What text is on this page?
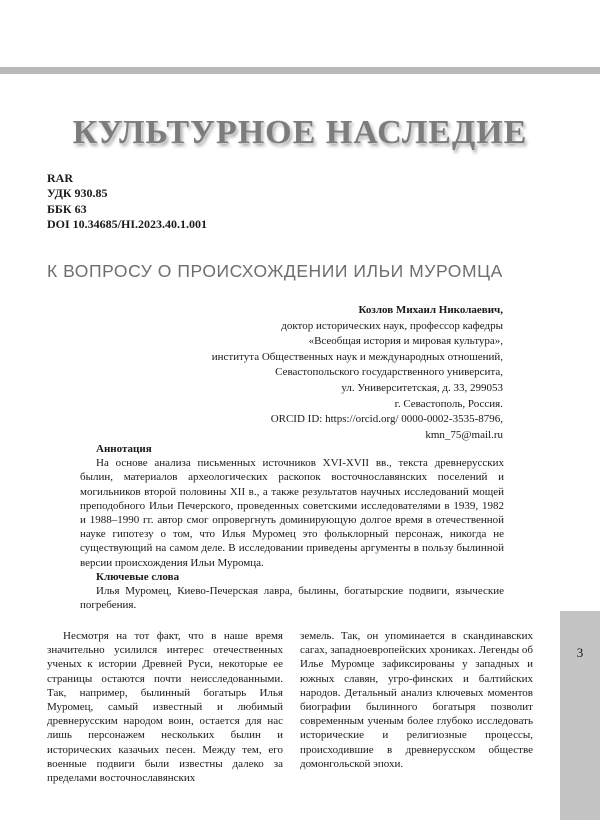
КУЛЬТУРНОЕ НАСЛЕДИЕ
RAR
УДК 930.85
ББК 63
DOI 10.34685/HI.2023.40.1.001
К ВОПРОСУ О ПРОИСХОЖДЕНИИ ИЛЬИ МУРОМЦА
Козлов Михаил Николаевич,
доктор исторических наук, профессор кафедры
«Всеобщая история и мировая культура»,
института Общественных наук и международных отношений,
Севастопольского государственного университа,
ул. Университетская, д. 33, 299053
г. Севастополь, Россия.
ORCID ID: https://orcid.org/ 0000-0002-3535-8796,
kmn_75@mail.ru
Аннотация

На основе анализа письменных источников XVI-XVII вв., текста древнерусских былин, материалов археологических раскопок восточнославянских поселений и могильников второй половины XII в., а также результатов научных исследований мощей преподобного Ильи Печерского, проведенных советскими исследователями в 1939, 1982 и 1988–1990 гг. автор смог опровергнуть доминирующую долгое время в отечественной науке гипотезу о том, что Илья Муромец это фольклорный персонаж, никогда не существующий на самом деле. В исследовании приведены аргументы в пользу былинной версии происхождения Ильи Муромца.

Ключевые слова

Илья Муромец, Киево-Печерская лавра, былины, богатырские подвиги, языческие погребения.

Несмотря на тот факт, что в наше время значительно усилился интерес отечественных ученых к истории Древней Руси, некоторые ее страницы остаются почти неисследованными. Так, например, былинный богатырь Илья Муромец, самый известный и любимый древнерусским народом воин, остается для нас лишь персонажем нескольких былин и исторических казачьих песен. Между тем, его военные подвиги были известны далеко за пределами восточнославянских

земель. Так, он упоминается в скандинавских сагах, западноевропейских хрониках. Легенды об Илье Муромце зафиксированы у западных и южных славян, угро-финских и балтийских народов. Детальный анализ ключевых моментов биографии былинного богатыря позволит современным ученым более глубоко исследовать исторические и религиозные процессы, происходившие в древнерусском обществе домонгольской эпохи.

3
